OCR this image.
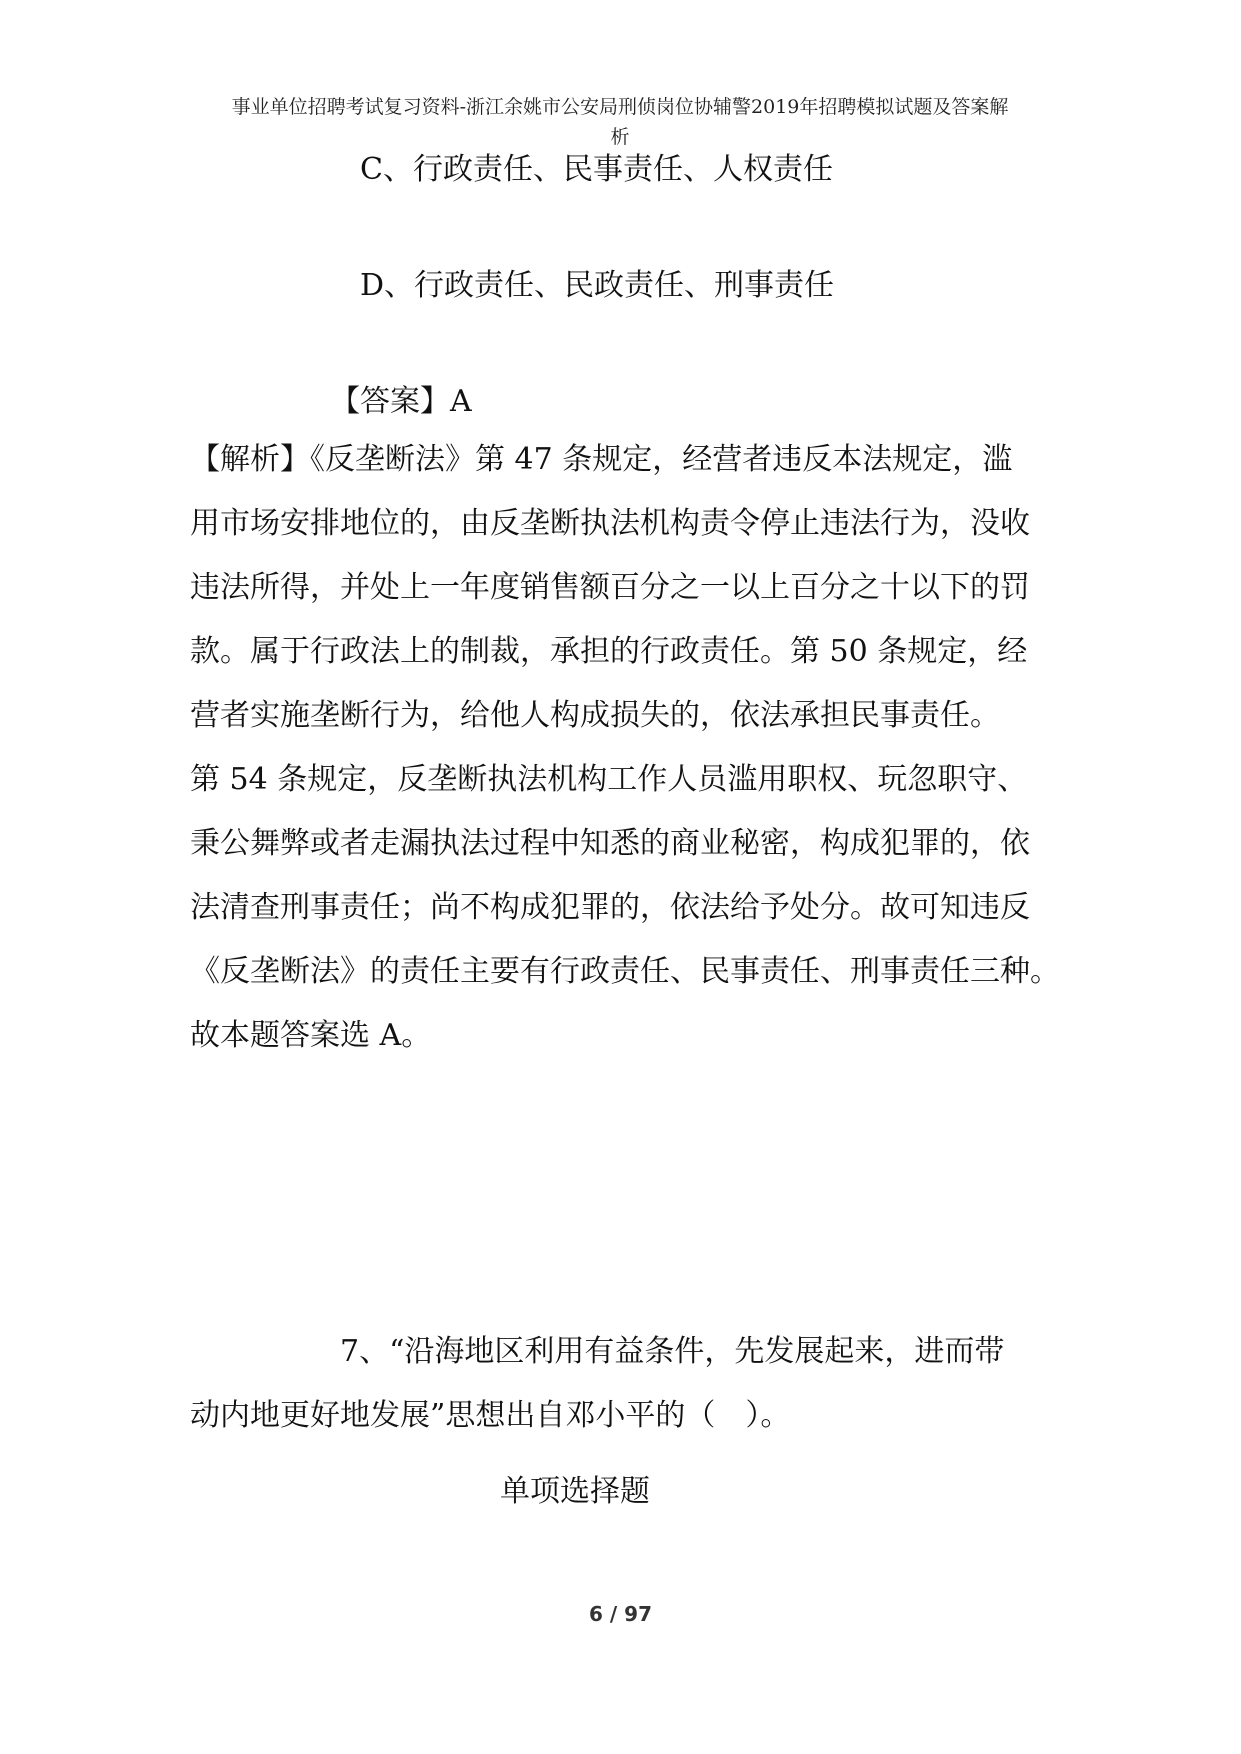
事业单位招聘考试复习资料-浙江余姚市公安局刑侦岗位协辅警2019年招聘模拟试题及答案解
析
C、行政责任、民事责任、人权责任
D、行政责任、民政责任、刑事责任
【答案】A
【解析】《反垄断法》第 47 条规定，经营者违反本法规定，滥
用市场安排地位的，由反垄断执法机构责令停止违法行为，没收
违法所得，并处上一年度销售额百分之一以上百分之十以下的罚
款。属于行政法上的制裁，承担的行政责任。第 50 条规定，经
营者实施垄断行为，给他人构成损失的，依法承担民事责任。
第 54 条规定，反垄断执法机构工作人员滥用职权、玩忽职守、
秉公舞弊或者走漏执法过程中知悉的商业秘密，构成犯罪的，依
法清查刑事责任；尚不构成犯罪的，依法给予处分。故可知违反
《反垄断法》的责任主要有行政责任、民事责任、刑事责任三种。
故本题答案选 A。
7、“沿海地区利用有益条件，先发展起来，进而带
动内地更好地发展”思想出自邓小平的（　）。
单项选择题
6 / 97
